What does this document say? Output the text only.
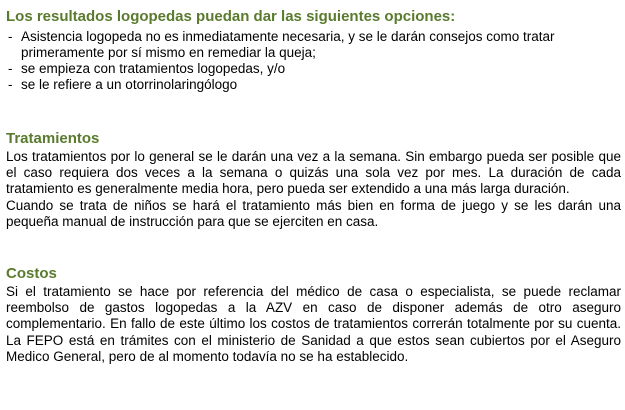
Los resultados logopedas puedan dar las siguientes opciones:
- Asistencia logopeda no es inmediatamente necesaria, y se le darán consejos como tratar primeramente por sí mismo en remediar la queja;
- se empieza con tratamientos logopedas, y/o
- se le refiere a un otorrinolaringólogo
Tratamientos

Los tratamientos por lo general se le darán una vez a la semana. Sin embargo pueda ser posible que el caso requiera dos veces a la semana o quizás una sola vez por mes. La duración de cada tratamiento es generalmente media hora, pero pueda ser extendido a una más larga duración.

Cuando se trata de niños se hará el tratamiento más bien en forma de juego y se les darán una pequeña manual de instrucción para que se ejerciten en casa.

Costos

Si el tratamiento se hace por referencia del médico de casa o especialista, se puede reclamar reembolso de gastos logopedas a la AZV en caso de disponer además de otro aseguro complementario. En fallo de este último los costos de tratamientos correrán totalmente por su cuenta. La FEPO está en trámites con el ministerio de Sanidad a que estos sean cubiertos por el Aseguro Medico General, pero de al momento todavía no se ha establecido.
